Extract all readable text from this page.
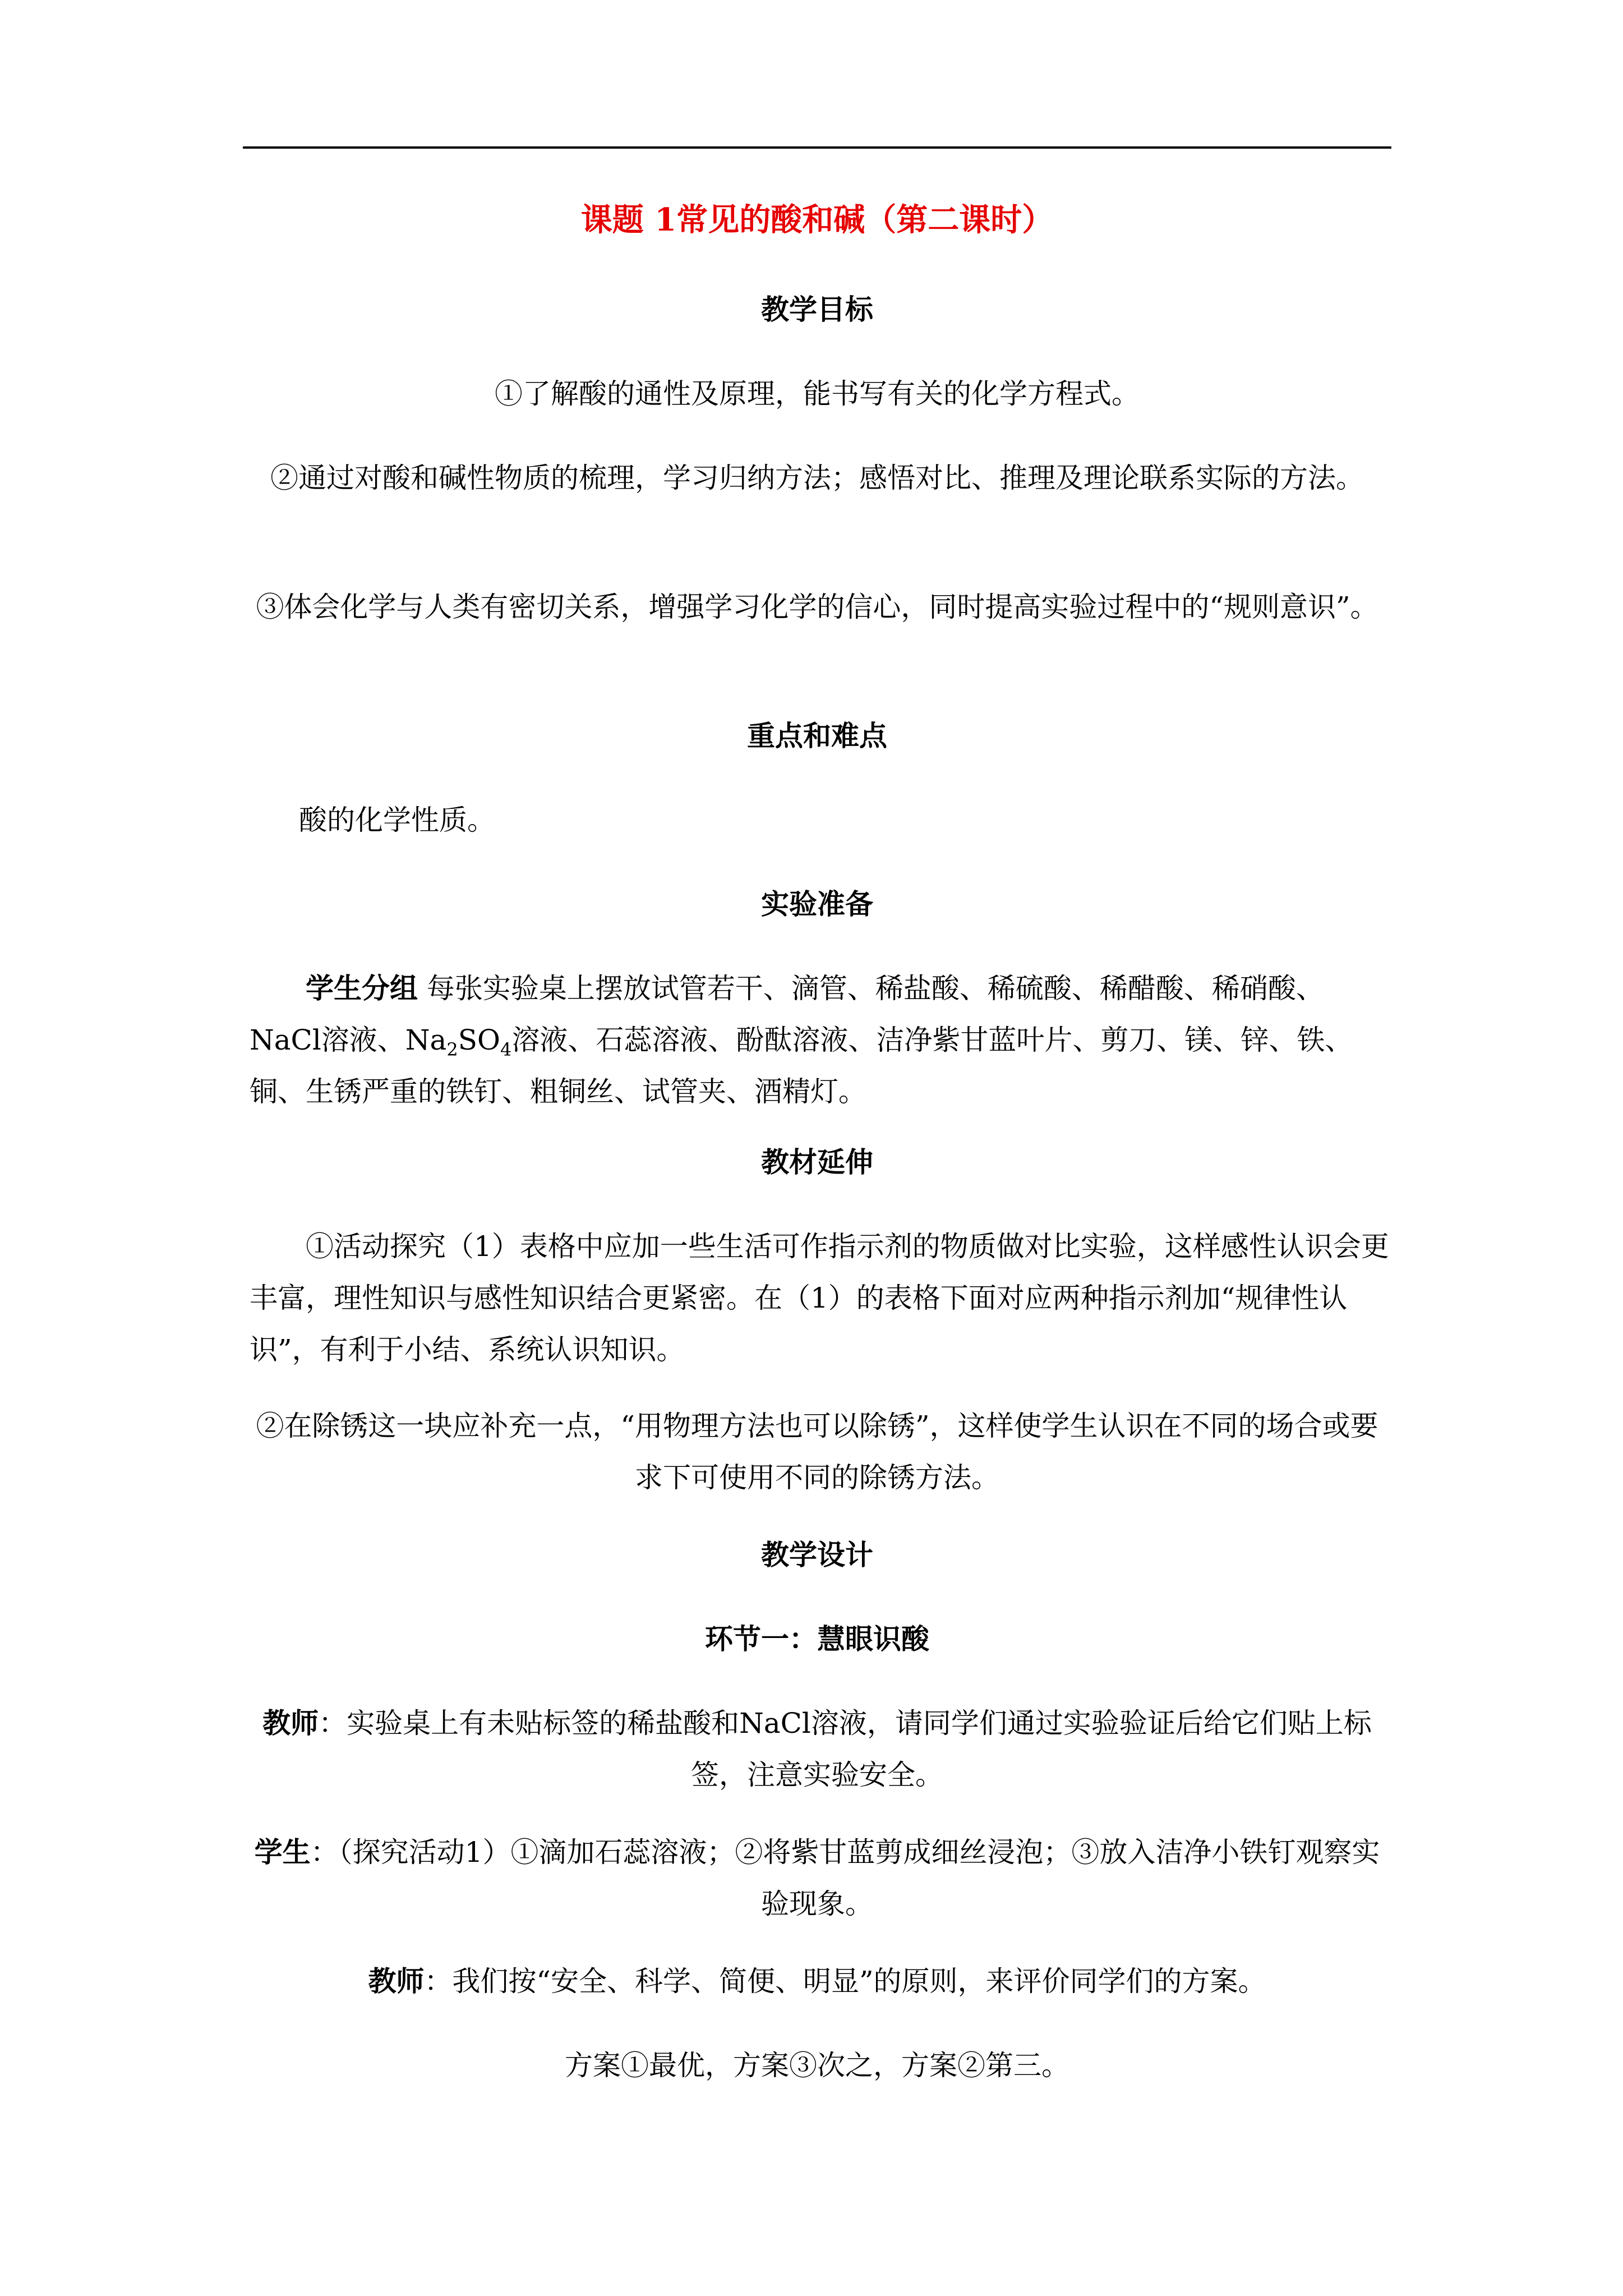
课题 1常见的酸和碱（第二课时）
教学目标
①了解酸的通性及原理，能书写有关的化学方程式。
②通过对酸和碱性物质的梳理，学习归纳方法；感悟对比、推理及理论联系实际的方法。
③体会化学与人类有密切关系，增强学习化学的信心，同时提高实验过程中的“规则意识”。
重点和难点
酸的化学性质。
实验准备
学生分组 每张实验桌上摆放试管若干、滴管、稀盐酸、稀硫酸、稀醋酸、稀硝酸、NaCl溶液、$Na_2SO_4$溶液、石蕊溶液、酚酞溶液、洁净紫甘蓝叶片、剪刀、镁、锌、铁、铜、生锈严重的铁钉、粗铜丝、试管夹、酒精灯。
教材延伸
①活动探究（1）表格中应加一些生活可作指示剂的物质做对比实验，这样感性认识会更丰富，理性知识与感性知识结合更紧密。在（1）的表格下面对应两种指示剂加“规律性认识”，有利于小结、系统认识知识。
②在除锈这一块应补充一点，“用物理方法也可以除锈”，这样使学生认识在不同的场合或要求下可使用不同的除锈方法。
教学设计
环节一：慧眼识酸
教师：实验桌上有未贴标签的稀盐酸和NaCl溶液，请同学们通过实验验证后给它们贴上标签，注意实验安全。
学生：（探究活动1）①滴加石蕊溶液；②将紫甘蓝剪成细丝浸泡；③放入洁净小铁钉观察实验现象。
教师：我们按“安全、科学、简便、明显”的原则，来评价同学们的方案。
方案①最优，方案③次之，方案②第三。
